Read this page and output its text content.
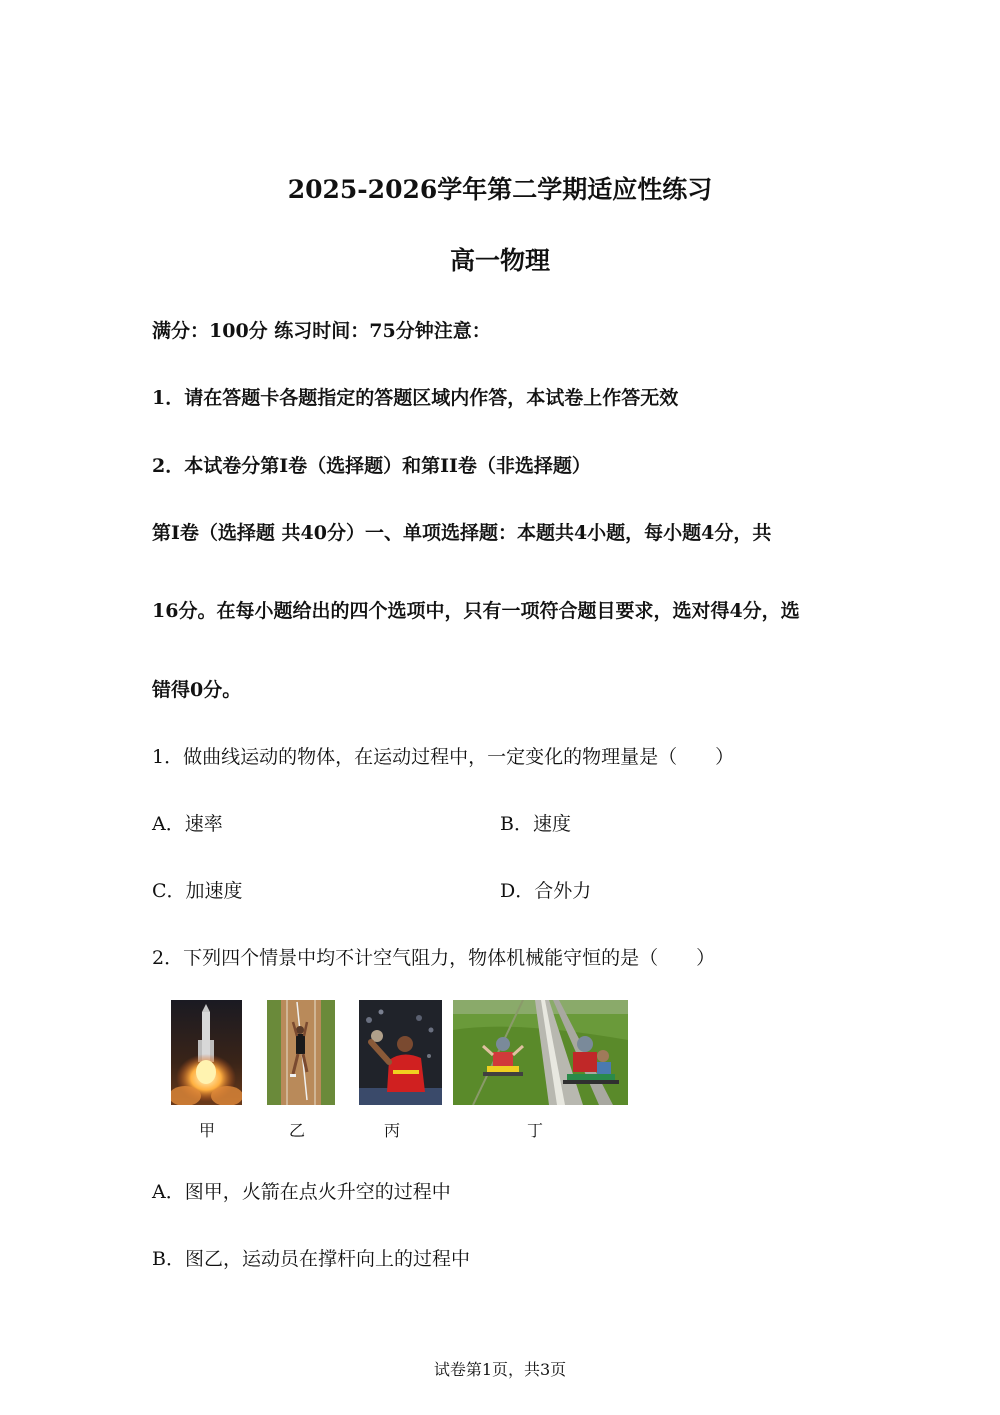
2025-2026学年第二学期适应性练习
高一物理
满分：100分 练习时间：75分钟注意：
1．请在答题卡各题指定的答题区域内作答，本试卷上作答无效
2．本试卷分第I卷（选择题）和第II卷（非选择题）
第I卷（选择题 共40分）一、单项选择题：本题共4小题，每小题4分，共
16分。在每小题给出的四个选项中，只有一项符合题目要求，选对得4分，选
错得0分。
1．做曲线运动的物体，在运动过程中，一定变化的物理量是（　　）
A．速率	B．速度
C．加速度	D．合外力
2．下列四个情景中均不计空气阻力，物体机械能守恒的是（　　）
甲	乙	丙	丁
A．图甲，火箭在点火升空的过程中
B．图乙，运动员在撑杆向上的过程中
试卷第1页，共3页
